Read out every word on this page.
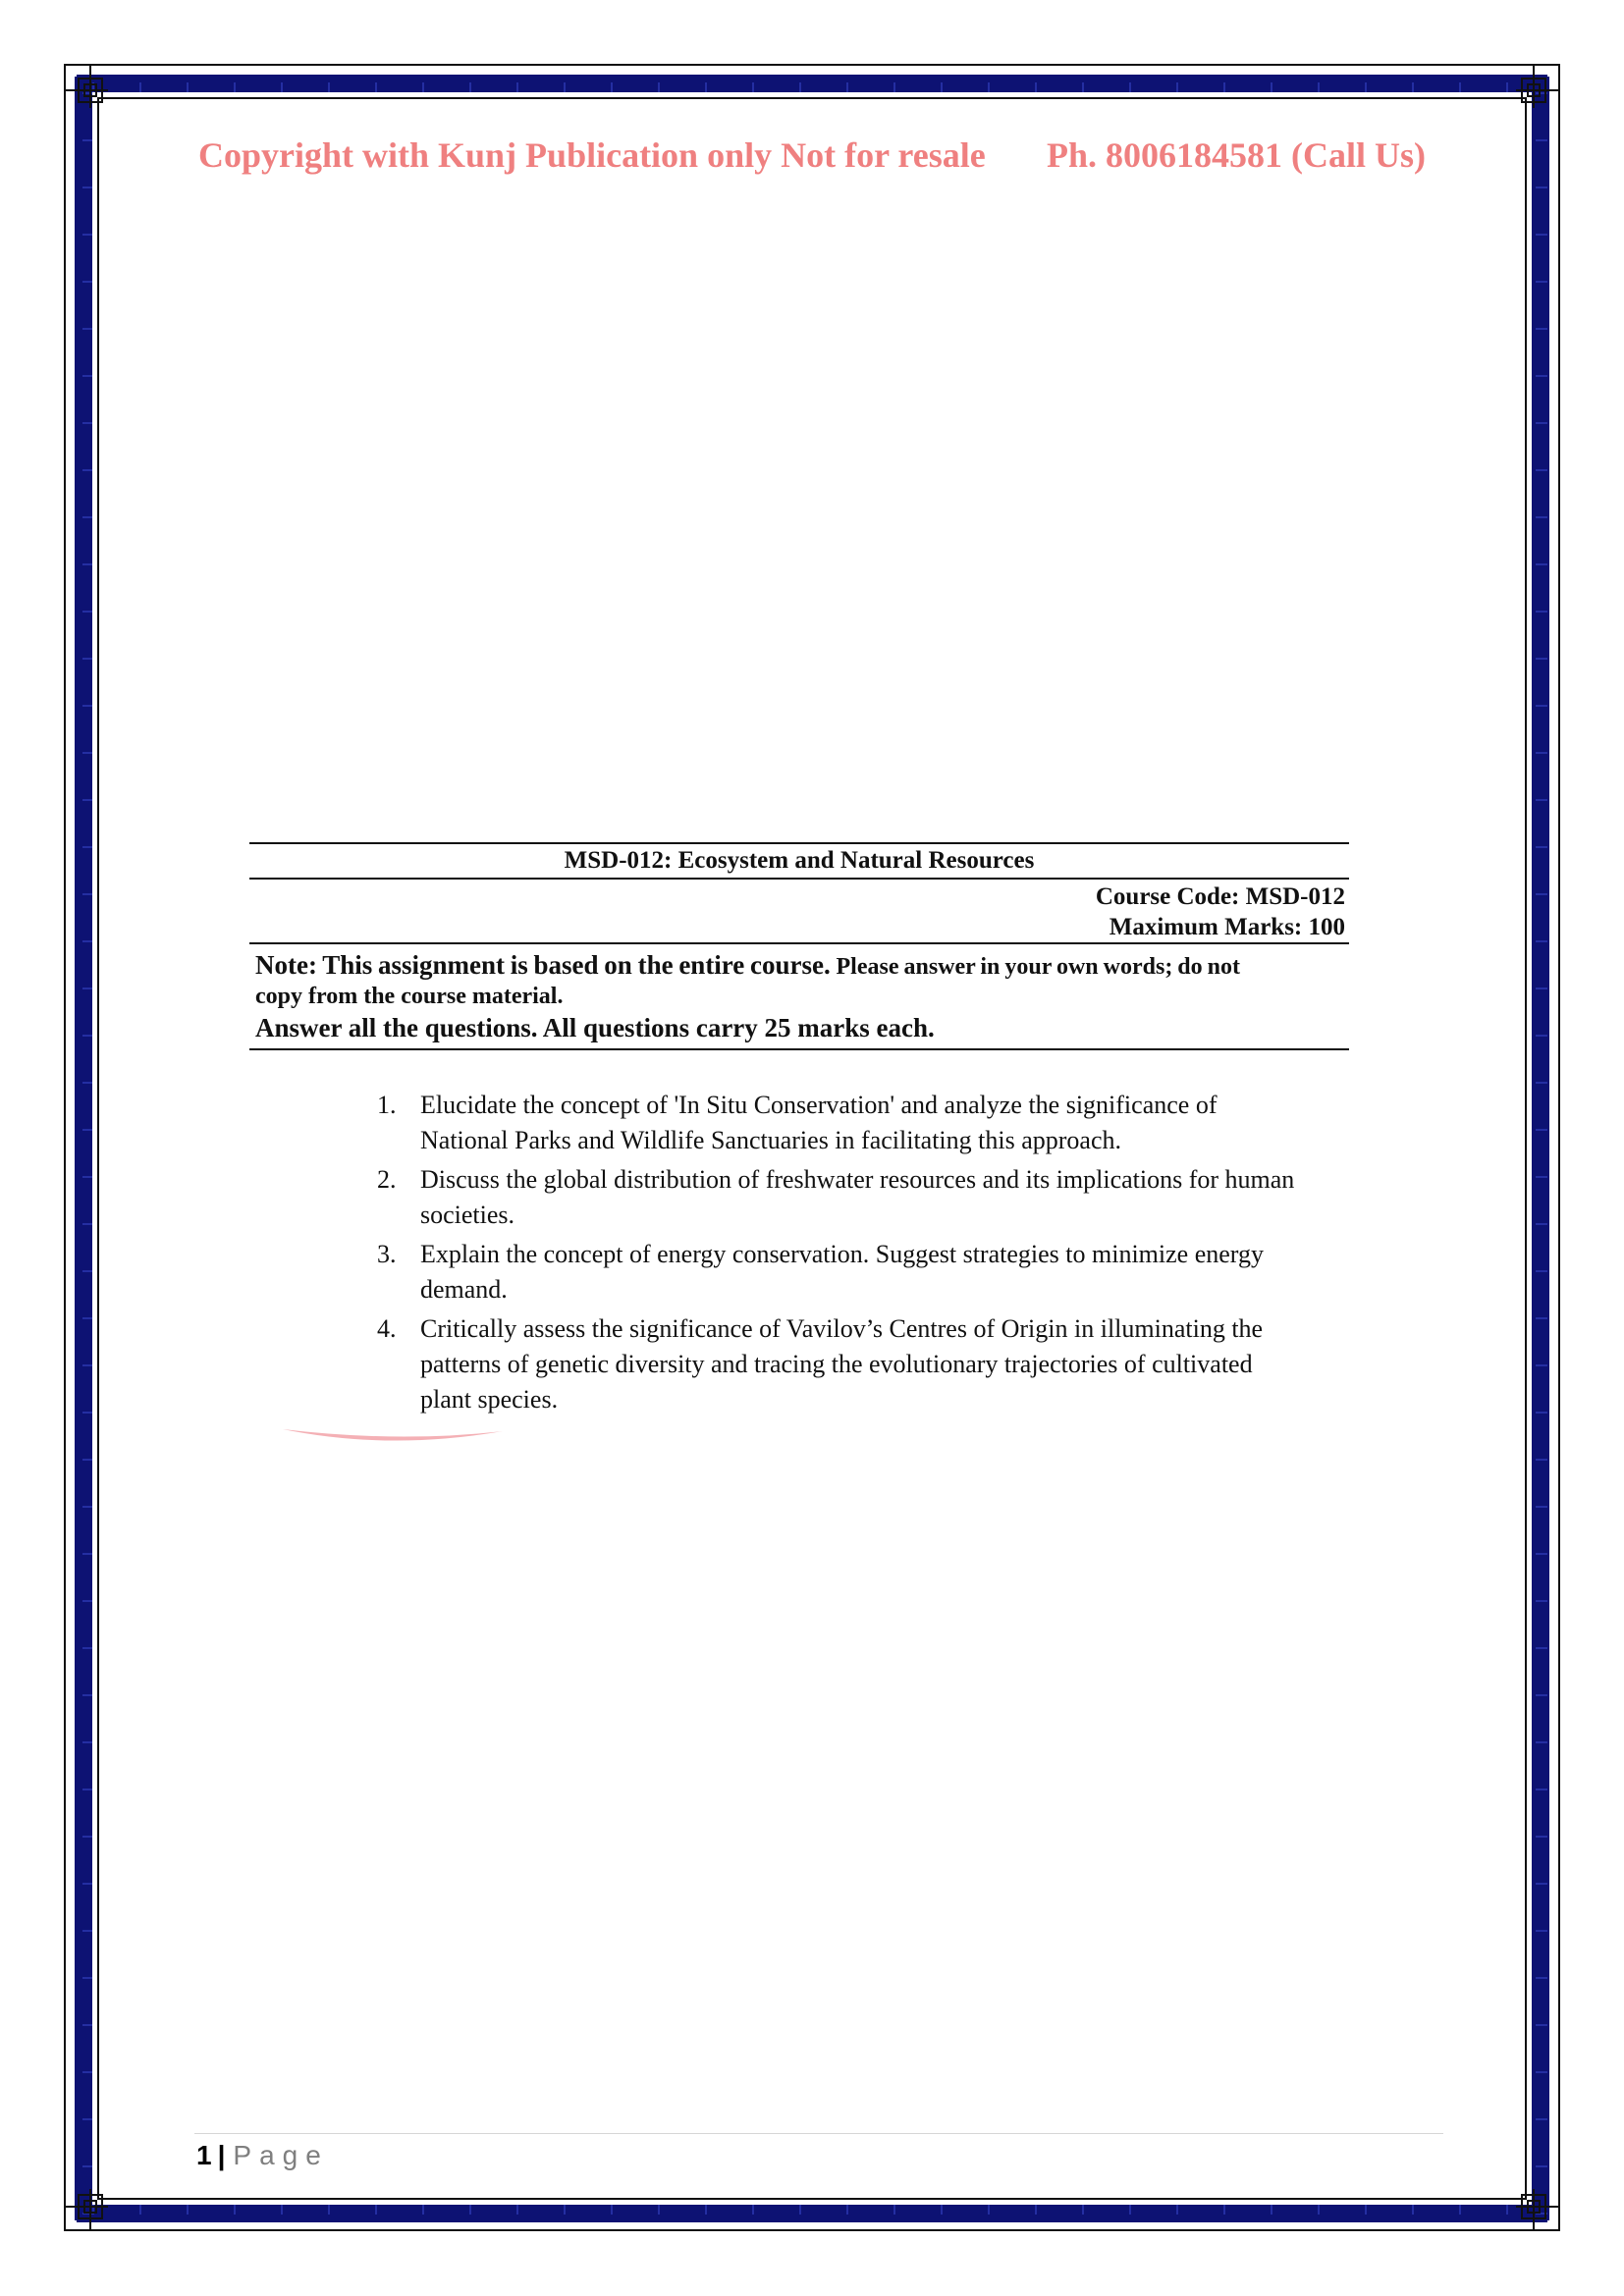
Copyright with Kunj Publication only Not for resale Ph. 8006184581 (Call Us)
MSD-012: Ecosystem and Natural Resources
Course Code: MSD-012
Maximum Marks: 100
Note: This assignment is based on the entire course. Please answer in your own words; do not
copy from the course material.
Answer all the questions. All questions carry 25 marks each.
1. Elucidate the concept of 'In Situ Conservation' and analyze the significance of
National Parks and Wildlife Sanctuaries in facilitating this approach.
2. Discuss the global distribution of freshwater resources and its implications for human
societies.
3. Explain the concept of energy conservation. Suggest strategies to minimize energy
demand.
4. Critically assess the significance of Vavilov’s Centres of Origin in illuminating the
patterns of genetic diversity and tracing the evolutionary trajectories of cultivated
plant species.
1 | Page
